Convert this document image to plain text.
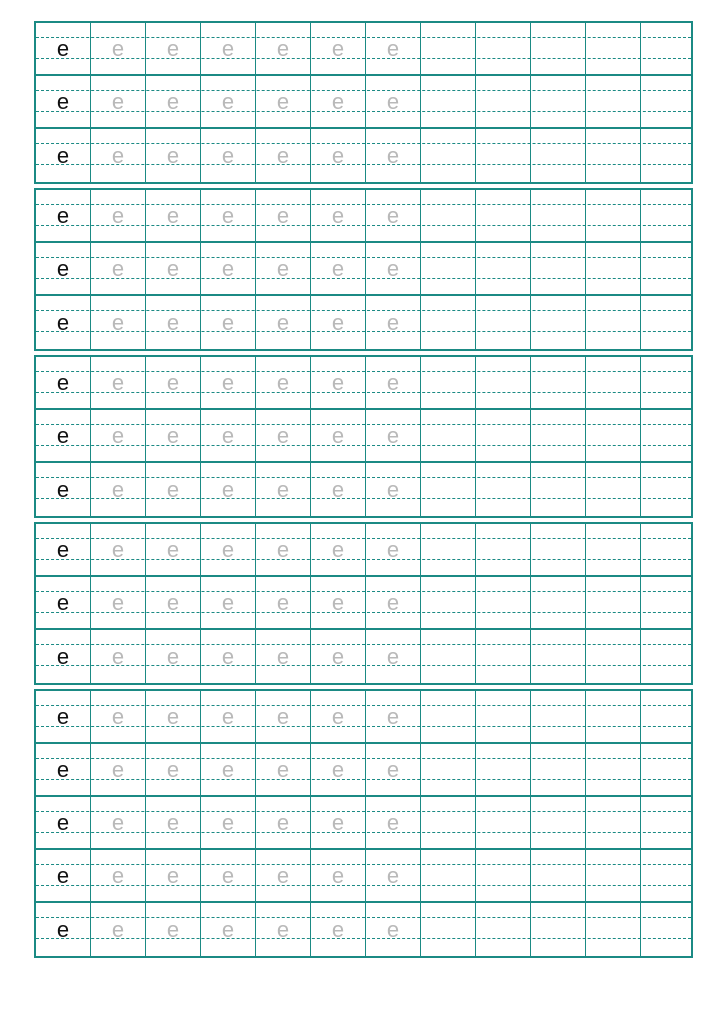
e e e e e e e
e e e e e e e
e e e e e e e
e e e e e e e
e e e e e e e
e e e e e e e
e e e e e e e
e e e e e e e
e e e e e e e
e e e e e e e
e e e e e e e
e e e e e e e
e e e e e e e
e e e e e e e
e e e e e e e
e e e e e e e
e e e e e e e
